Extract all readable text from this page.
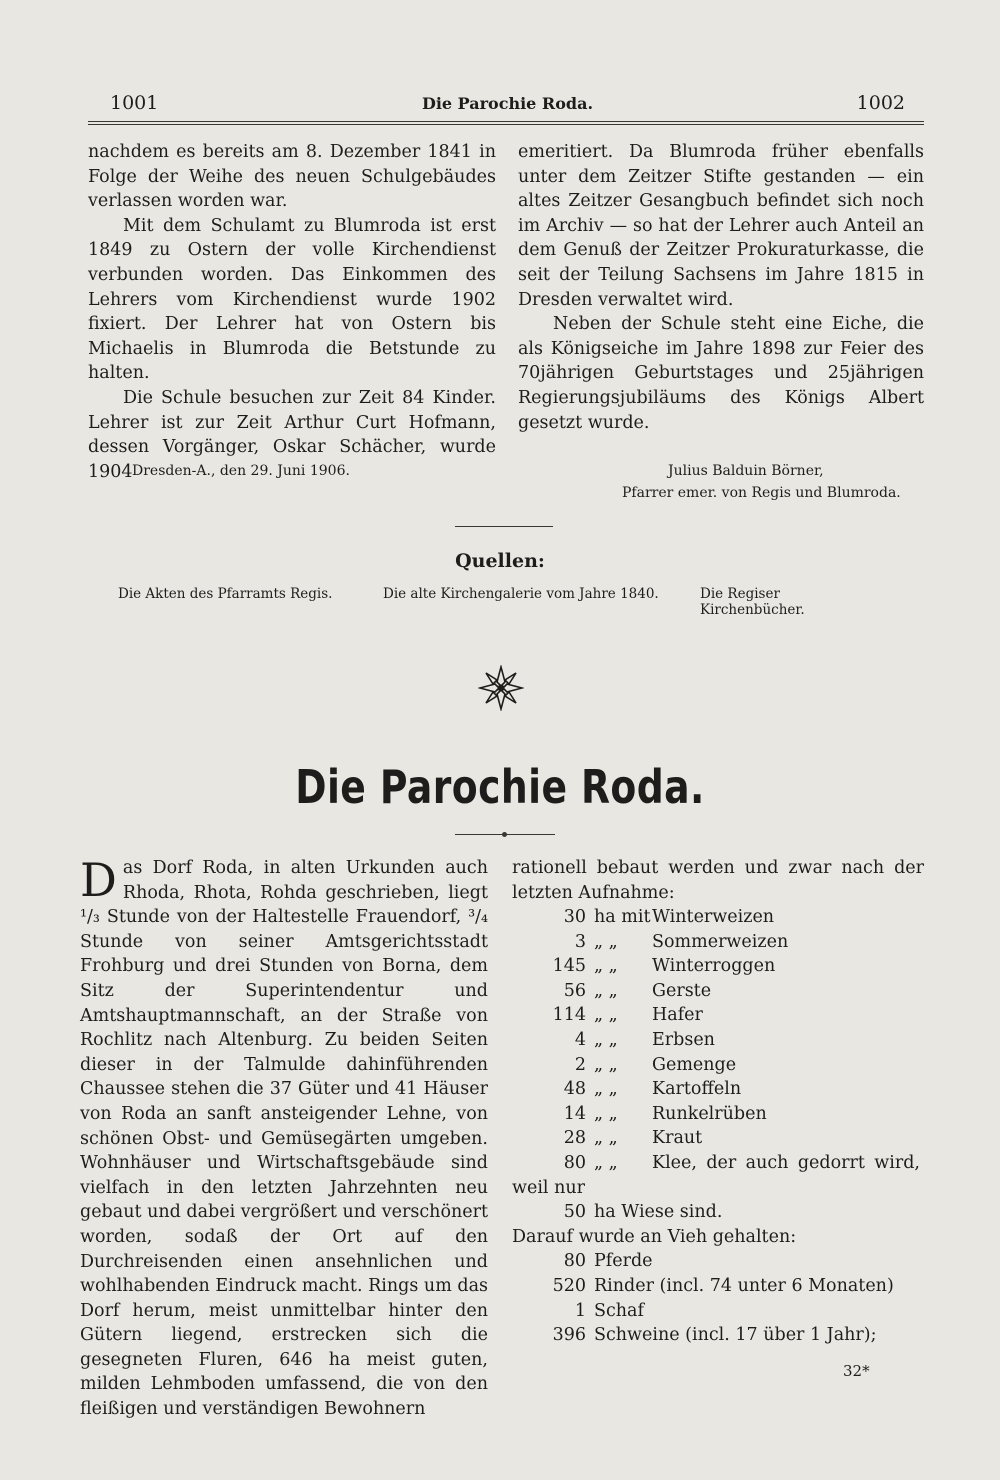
1001	Die Parochie Roda.	1002

nachdem es bereits am 8. Dezember 1841 in Folge der Weihe des neuen Schulgebäudes verlassen worden war.

Mit dem Schulamt zu Blumroda ist erst 1849 zu Ostern der volle Kirchendienst verbunden worden. Das Einkommen des Lehrers vom Kirchendienst wurde 1902 fixiert. Der Lehrer hat von Ostern bis Michaelis in Blumroda die Betstunde zu halten.

Die Schule besuchen zur Zeit 84 Kinder. Lehrer ist zur Zeit Arthur Curt Hofmann, dessen Vorgänger, Oskar Schächer, wurde 1904

emeritiert. Da Blumroda früher ebenfalls unter dem Zeitzer Stifte gestanden — ein altes Zeitzer Gesangbuch befindet sich noch im Archiv — so hat der Lehrer auch Anteil an dem Genuß der Zeitzer Prokuraturkasse, die seit der Teilung Sachsens im Jahre 1815 in Dresden verwaltet wird.

Neben der Schule steht eine Eiche, die als Königseiche im Jahre 1898 zur Feier des 70jährigen Geburtstages und 25jährigen Regierungsjubiläums des Königs Albert gesetzt wurde.

Dresden-A., den 29. Juni 1906.	Julius Balduin Börner,
Pfarrer emer. von Regis und Blumroda.
Quellen:
Die Akten des Pfarramts Regis.	Die alte Kirchengalerie vom Jahre 1840.	Die Regiser Kirchenbücher.
Die Parochie Roda.

Das Dorf Roda, in alten Urkunden auch Rhoda, Rhota, Rohda geschrieben, liegt ¹/₃ Stunde von der Haltestelle Frauendorf, ³/₄ Stunde von seiner Amtsgerichtsstadt Frohburg und drei Stunden von Borna, dem Sitz der Superintendentur und Amtshauptmannschaft, an der Straße von Rochlitz nach Altenburg. Zu beiden Seiten dieser in der Talmulde dahinführenden Chaussee stehen die 37 Güter und 41 Häuser von Roda an sanft ansteigender Lehne, von schönen Obst- und Gemüsegärten umgeben. Wohnhäuser und Wirtschaftsgebäude sind vielfach in den letzten Jahrzehnten neu gebaut und dabei vergrößert und verschönert worden, sodaß der Ort auf den Durchreisenden einen ansehnlichen und wohlhabenden Eindruck macht. Rings um das Dorf herum, meist unmittelbar hinter den Gütern liegend, erstrecken sich die gesegneten Fluren, 646 ha meist guten, milden Lehmboden umfassend, die von den fleißigen und verständigen Bewohnern

rationell bebaut werden und zwar nach der letzten Aufnahme:
30 ha mit Winterweizen
3 „ „ Sommerweizen
145 „ „ Winterroggen
56 „ „ Gerste
114 „ „ Hafer
4 „ „ Erbsen
2 „ „ Gemenge
48 „ „ Kartoffeln
14 „ „ Runkelrüben
28 „ „ Kraut
80 „ „ Klee, der auch gedorrt wird,
weil nur
50 ha Wiese sind.
Darauf wurde an Vieh gehalten:
80 Pferde
520 Rinder (incl. 74 unter 6 Monaten)
1 Schaf
396 Schweine (incl. 17 über 1 Jahr);
32*
